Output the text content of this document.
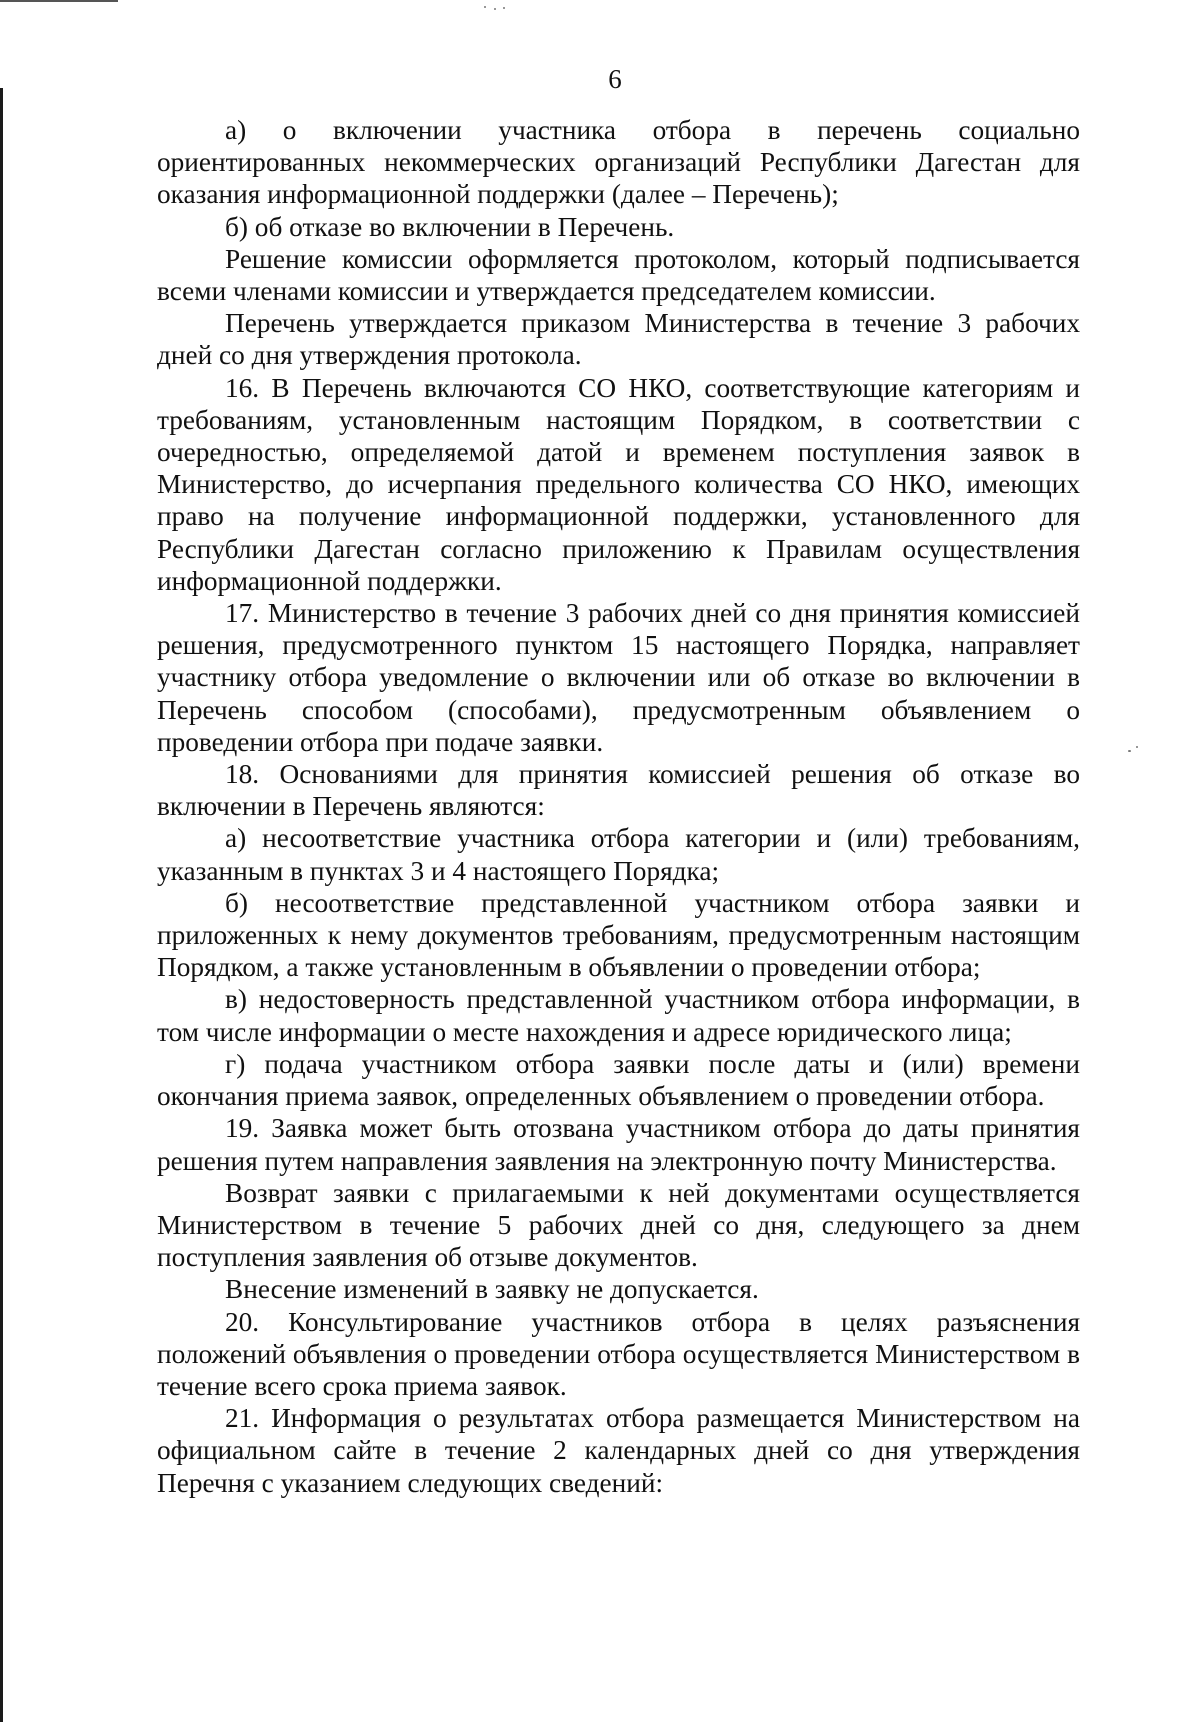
6

а) о включении участника отбора в перечень социально ориентированных некоммерческих организаций Республики Дагестан для оказания информационной поддержки (далее – Перечень);

б) об отказе во включении в Перечень.

Решение комиссии оформляется протоколом, который подписывается всеми членами комиссии и утверждается председателем комиссии.

Перечень утверждается приказом Министерства в течение 3 рабочих дней со дня утверждения протокола.

16. В Перечень включаются СО НКО, соответствующие категориям и требованиям, установленным настоящим Порядком, в соответствии с очередностью, определяемой датой и временем поступления заявок в Министерство, до исчерпания предельного количества СО НКО, имеющих право на получение информационной поддержки, установленного для Республики Дагестан согласно приложению к Правилам осуществления информационной поддержки.

17. Министерство в течение 3 рабочих дней со дня принятия комиссией решения, предусмотренного пунктом 15 настоящего Порядка, направляет участнику отбора уведомление о включении или об отказе во включении в Перечень способом (способами), предусмотренным объявлением о проведении отбора при подаче заявки.

18. Основаниями для принятия комиссией решения об отказе во включении в Перечень являются:

а) несоответствие участника отбора категории и (или) требованиям, указанным в пунктах 3 и 4 настоящего Порядка;

б) несоответствие представленной участником отбора заявки и приложенных к нему документов требованиям, предусмотренным настоящим Порядком, а также установленным в объявлении о проведении отбора;

в) недостоверность представленной участником отбора информации, в том числе информации о месте нахождения и адресе юридического лица;

г) подача участником отбора заявки после даты и (или) времени окончания приема заявок, определенных объявлением о проведении отбора.

19. Заявка может быть отозвана участником отбора до даты принятия решения путем направления заявления на электронную почту Министерства.

Возврат заявки с прилагаемыми к ней документами осуществляется Министерством в течение 5 рабочих дней со дня, следующего за днем поступления заявления об отзыве документов.

Внесение изменений в заявку не допускается.

20. Консультирование участников отбора в целях разъяснения положений объявления о проведении отбора осуществляется Министерством в течение всего срока приема заявок.

21. Информация о результатах отбора размещается Министерством на официальном сайте в течение 2 календарных дней со дня утверждения Перечня с указанием следующих сведений:
